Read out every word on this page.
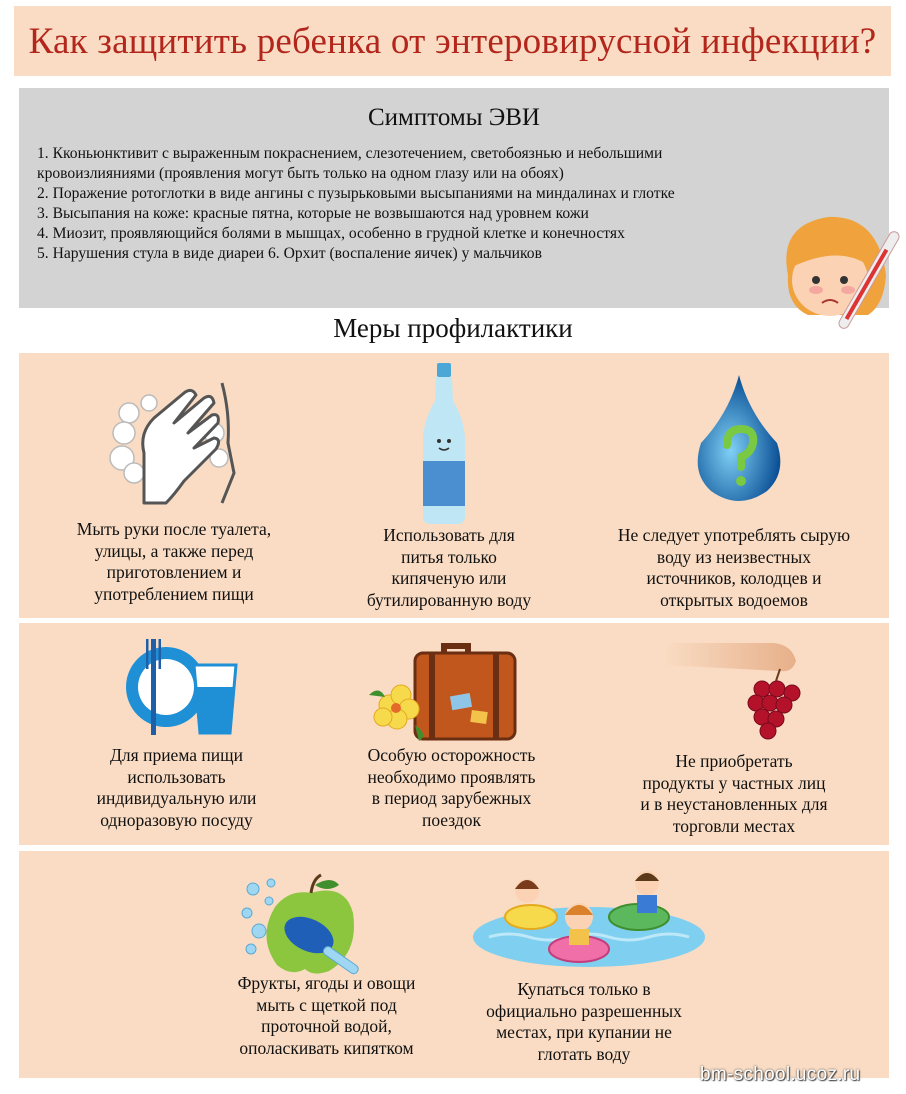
Как защитить ребенка от энтеровирусной инфекции?
Симптомы ЭВИ
1. Кконьюнктивит с выраженным покраснением, слезотечением, светобоязнью и небольшими
кровоизлияниями (проявления могут быть только на одном глазу или на обоях)
2. Поражение ротоглотки в виде ангины с пузырьковыми высыпаниями на миндалинах и глотке
3. Высыпания на коже: красные пятна, которые не возвышаются над уровнем кожи
4. Миозит, проявляющийся болями в мышцах, особенно в грудной клетке и конечностях
5. Нарушения стула в виде диареи 6. Орхит (воспаление яичек) у мальчиков
Меры профилактики
Мыть руки после туалета,
улицы, а также перед
приготовлением и
употреблением пищи
Использовать для
питья только
кипяченую или
бутилированную воду
Не следует употреблять сырую
воду из неизвестных
источников, колодцев и
открытых водоемов
Для приема пищи
использовать
индивидуальную или
одноразовую посуду
Особую осторожность
необходимо проявлять
в период зарубежных
поездок
Не приобретать
продукты у частных лиц
и в неустановленных для
торговли местах
Фрукты, ягоды и овощи
мыть с щеткой под
проточной водой,
ополаскивать кипятком
Купаться только в
официально разрешенных
местах, при купании не
глотать воду
bm-school.ucoz.ru
